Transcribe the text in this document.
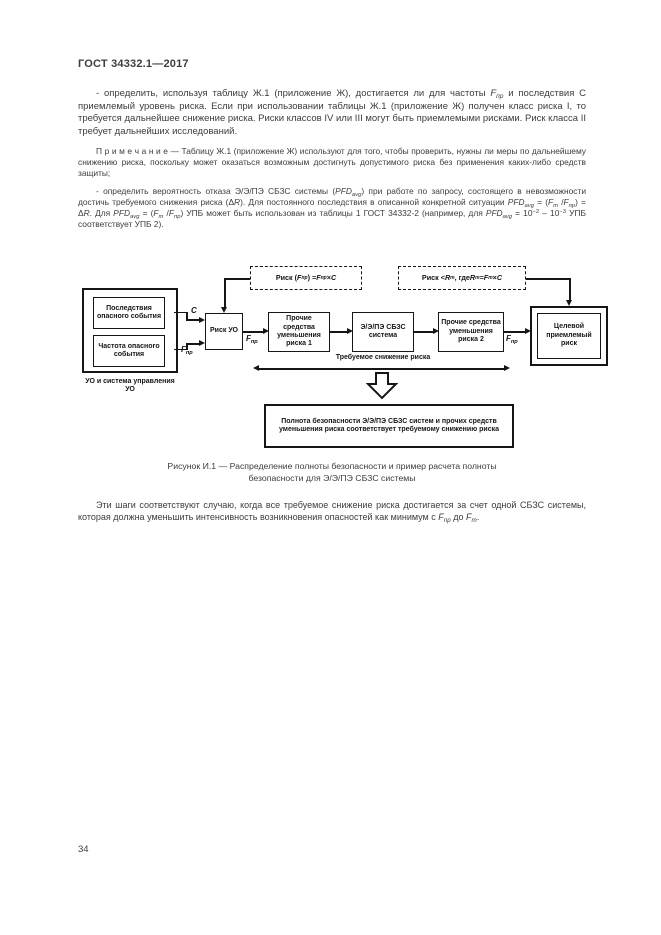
ГОСТ 34332.1—2017
- определить, используя таблицу Ж.1 (приложение Ж), достигается ли для частоты $F_{пр}$ и последствия С приемлемый уровень риска. Если при использовании таблицы Ж.1 (приложение Ж) получен класс риска I, то требуется дальнейшее снижение риска. Риски классов IV или III могут быть приемлемыми рисками. Риск класса II требует дальнейших исследований.
П р и м е ч а н и е — Таблицу Ж.1 (приложение Ж) используют для того, чтобы проверить, нужны ли меры по дальнейшему снижению риска, поскольку может оказаться возможным достигнуть допустимого риска без применения каких-либо средств защиты;
- определить вероятность отказа Э/Э/ПЭ СБЗС системы $(PFD_{avg})$ при работе по запросу, состоящего в невозможности достичь требуемого снижения риска (ΔR). Для постоянного последствия в описанной конкретной ситуации $PFD_{avg} = (F_т$ $/F_{пр}) = \Delta R$. Для $PFD_{avg} = (F_т$ $/F_{пр}$) УПБ может быть использован из таблицы 1 ГОСТ 34332-2 (например, для $PFD_{avg} = 10^{-2} - 10^{-3}$ УПБ соответствует УПБ 2).
Риск ( F пр ) = F пр × C	Риск < R т , где R т = F т × C
Последствия опасного события
Частота опасного события
УО и система управления УО
Риск УО
Прочие средства уменьшения риска 1
Э/Э/ПЭ СБЗС система
Прочие средства уменьшения риска 2
Целевой приемлемый риск
C
$F_{пр}$
$F_{пр}$	$F_{пр}$
Требуемое снижение риска
Полнота безопасности Э/Э/ПЭ СБЗС систем и прочих средств уменьшения риска соответствует требуемому снижению риска
Рисунок И.1 — Распределение полноты безопасности и пример расчета полноты
безопасности для Э/Э/ПЭ СБЗС системы
Эти шаги соответствуют случаю, когда все требуемое снижение риска достигается за счет одной СБЗС системы, которая должна уменьшить интенсивность возникновения опасностей как минимум с $F_{пр}$ до $F_т$.
34
